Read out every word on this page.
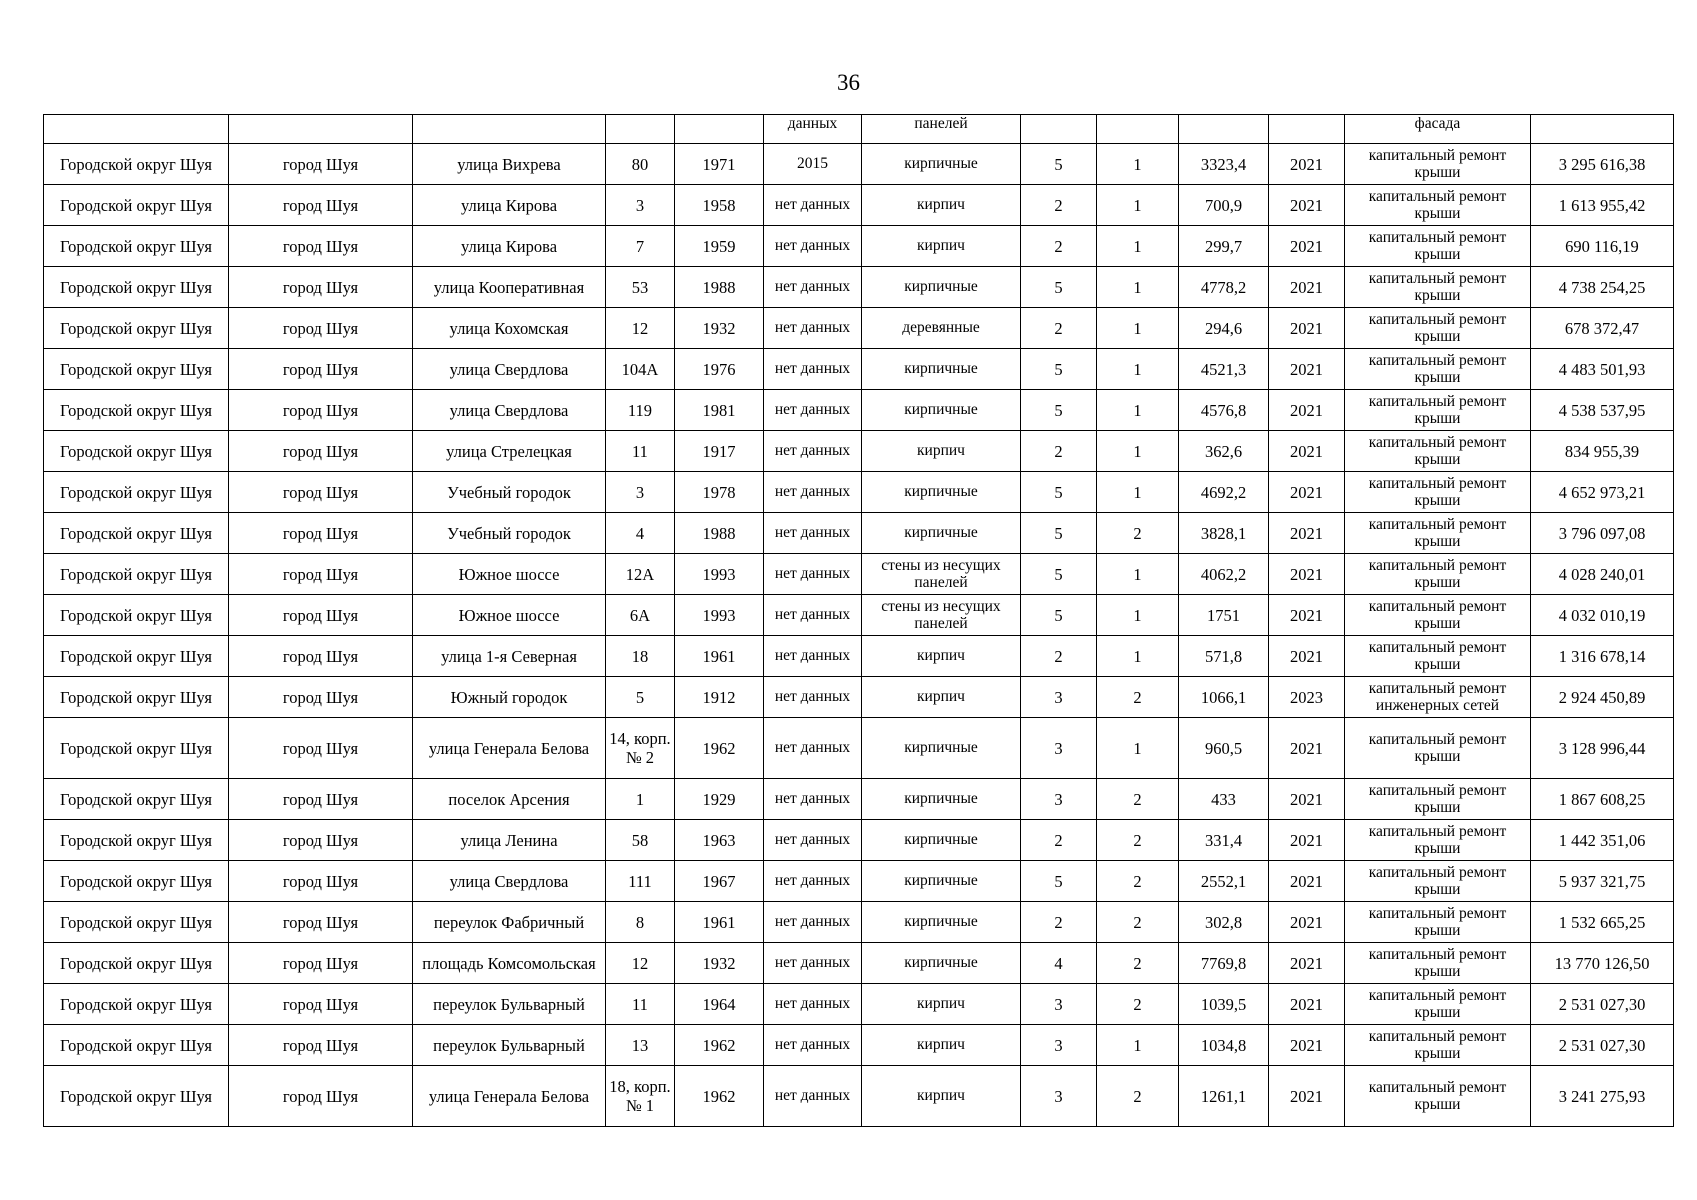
36
					данных	панелей					фасада	
Городской округ Шуя	город Шуя	улица Вихрева	80	1971	2015	кирпичные	5	1	3323,4	2021	капитальный ремонт крыши	3 295 616,38
Городской округ Шуя	город Шуя	улица Кирова	3	1958	нет данных	кирпич	2	1	700,9	2021	капитальный ремонт крыши	1 613 955,42
Городской округ Шуя	город Шуя	улица Кирова	7	1959	нет данных	кирпич	2	1	299,7	2021	капитальный ремонт крыши	690 116,19
Городской округ Шуя	город Шуя	улица Кооперативная	53	1988	нет данных	кирпичные	5	1	4778,2	2021	капитальный ремонт крыши	4 738 254,25
Городской округ Шуя	город Шуя	улица Кохомская	12	1932	нет данных	деревянные	2	1	294,6	2021	капитальный ремонт крыши	678 372,47
Городской округ Шуя	город Шуя	улица Свердлова	104А	1976	нет данных	кирпичные	5	1	4521,3	2021	капитальный ремонт крыши	4 483 501,93
Городской округ Шуя	город Шуя	улица Свердлова	119	1981	нет данных	кирпичные	5	1	4576,8	2021	капитальный ремонт крыши	4 538 537,95
Городской округ Шуя	город Шуя	улица Стрелецкая	11	1917	нет данных	кирпич	2	1	362,6	2021	капитальный ремонт крыши	834 955,39
Городской округ Шуя	город Шуя	Учебный городок	3	1978	нет данных	кирпичные	5	1	4692,2	2021	капитальный ремонт крыши	4 652 973,21
Городской округ Шуя	город Шуя	Учебный городок	4	1988	нет данных	кирпичные	5	2	3828,1	2021	капитальный ремонт крыши	3 796 097,08
Городской округ Шуя	город Шуя	Южное шоссе	12А	1993	нет данных	стены из несущих панелей	5	1	4062,2	2021	капитальный ремонт крыши	4 028 240,01
Городской округ Шуя	город Шуя	Южное шоссе	6А	1993	нет данных	стены из несущих панелей	5	1	1751	2021	капитальный ремонт крыши	4 032 010,19
Городской округ Шуя	город Шуя	улица 1-я Северная	18	1961	нет данных	кирпич	2	1	571,8	2021	капитальный ремонт крыши	1 316 678,14
Городской округ Шуя	город Шуя	Южный городок	5	1912	нет данных	кирпич	3	2	1066,1	2023	капитальный ремонт инженерных сетей	2 924 450,89
Городской округ Шуя	город Шуя	улица Генерала Белова	14, корп. № 2	1962	нет данных	кирпичные	3	1	960,5	2021	капитальный ремонт крыши	3 128 996,44
Городской округ Шуя	город Шуя	поселок Арсения	1	1929	нет данных	кирпичные	3	2	433	2021	капитальный ремонт крыши	1 867 608,25
Городской округ Шуя	город Шуя	улица Ленина	58	1963	нет данных	кирпичные	2	2	331,4	2021	капитальный ремонт крыши	1 442 351,06
Городской округ Шуя	город Шуя	улица Свердлова	111	1967	нет данных	кирпичные	5	2	2552,1	2021	капитальный ремонт крыши	5 937 321,75
Городской округ Шуя	город Шуя	переулок Фабричный	8	1961	нет данных	кирпичные	2	2	302,8	2021	капитальный ремонт крыши	1 532 665,25
Городской округ Шуя	город Шуя	площадь Комсомольская	12	1932	нет данных	кирпичные	4	2	7769,8	2021	капитальный ремонт крыши	13 770 126,50
Городской округ Шуя	город Шуя	переулок Бульварный	11	1964	нет данных	кирпич	3	2	1039,5	2021	капитальный ремонт крыши	2 531 027,30
Городской округ Шуя	город Шуя	переулок Бульварный	13	1962	нет данных	кирпич	3	1	1034,8	2021	капитальный ремонт крыши	2 531 027,30
Городской округ Шуя	город Шуя	улица Генерала Белова	18, корп. № 1	1962	нет данных	кирпич	3	2	1261,1	2021	капитальный ремонт крыши	3 241 275,93
